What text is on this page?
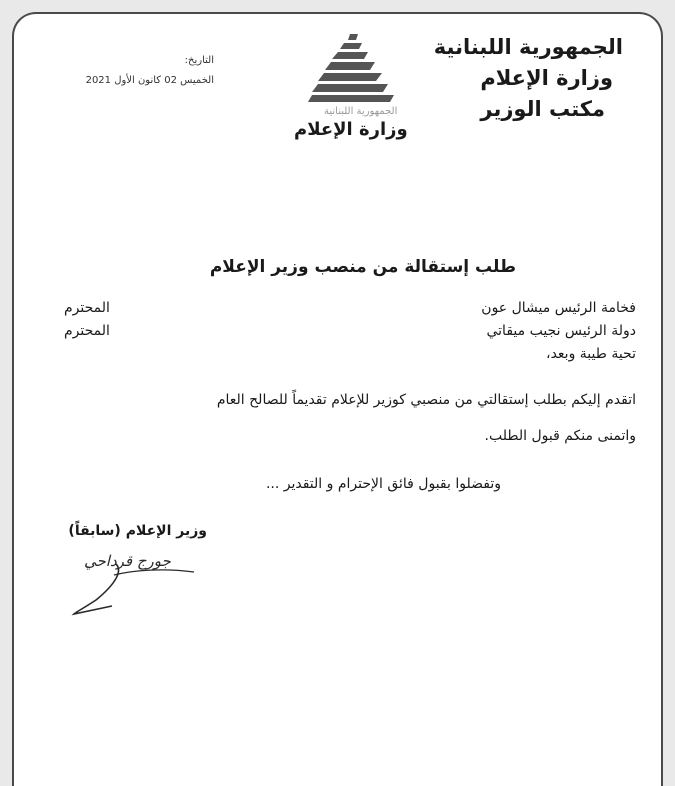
الجمهورية اللبنانية
وزارة الإعلام
مكتب الوزير
الجمهورية اللبنانية
وزارة الإعلام
التاريخ:
الخميس 02 كانون الأول 2021
طلب إستقالة من منصب وزير الإعلام
فخامة الرئيس ميشال عون
المحترم
دولة الرئيس نجيب ميقاتي
المحترم
تحية طيبة وبعد،
اتقدم إليكم بطلب إستقالتي من منصبي كوزير للإعلام تقديماً للصالح العام
واتمنى منكم قبول الطلب.
وتفضلوا بقبول فائق الإحترام و التقدير ...
وزير الإعلام (سابقاً)
جورج قرداحي
